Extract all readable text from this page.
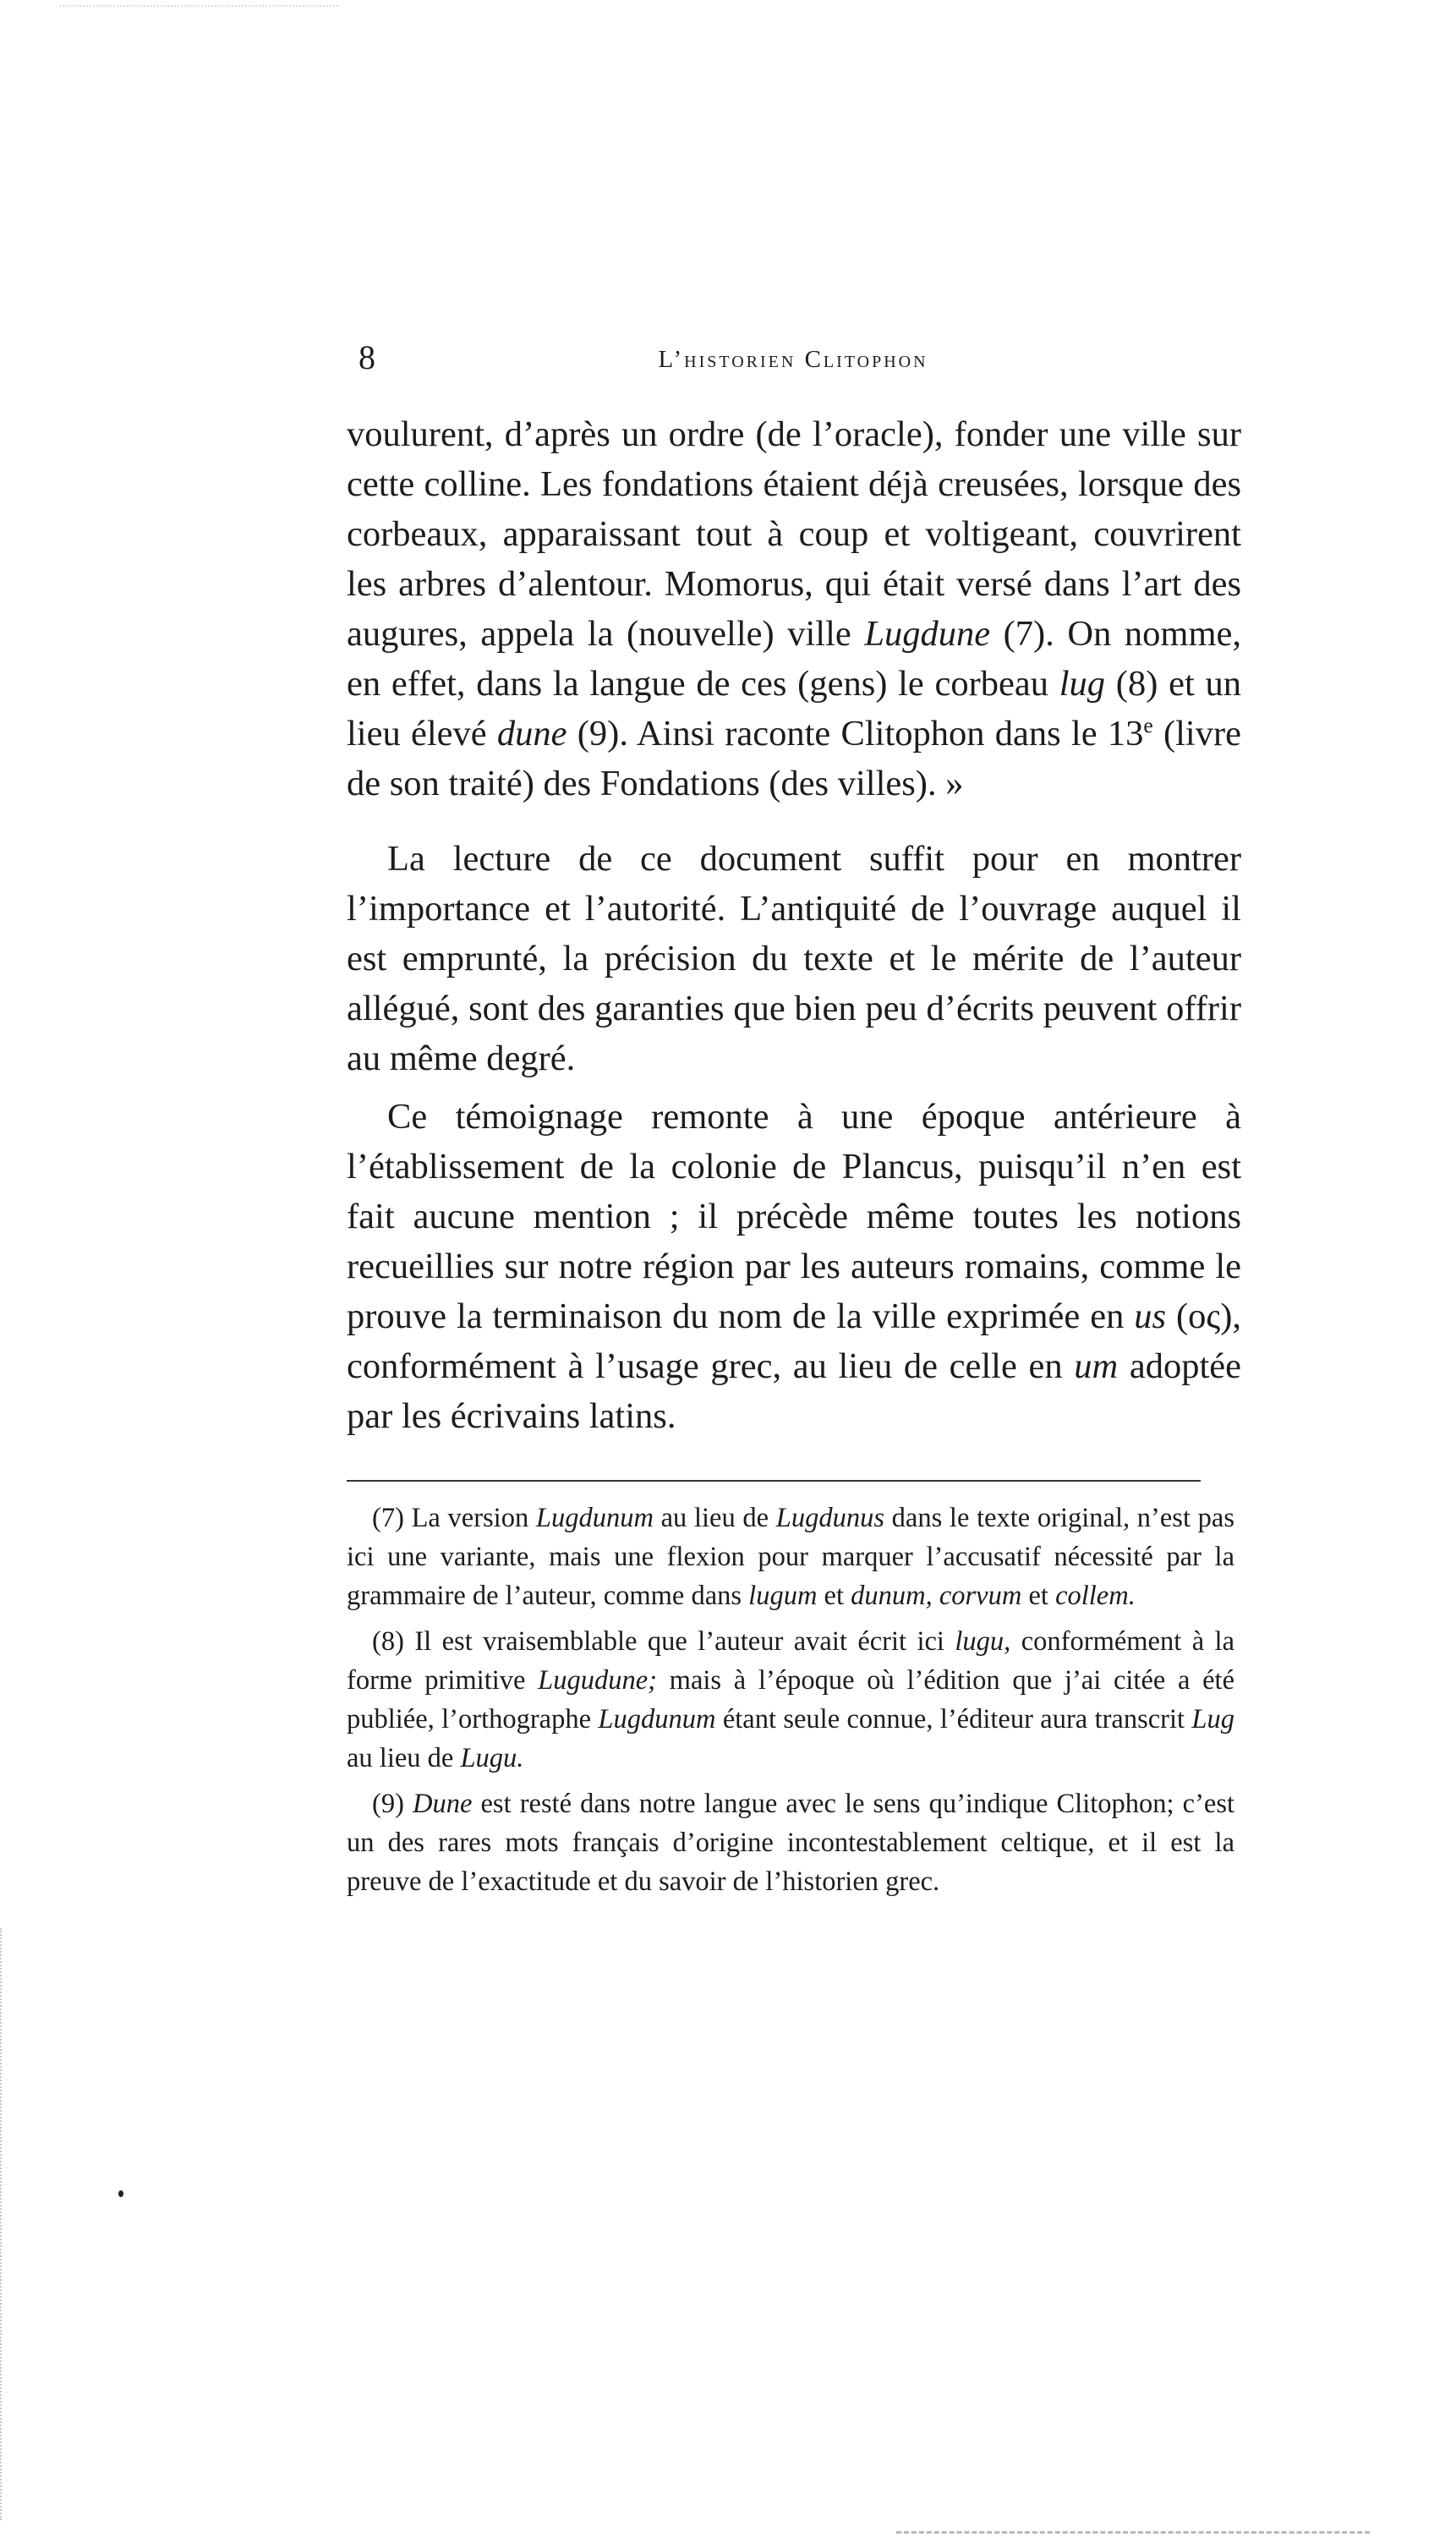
8	L’historien Clitophon

voulurent, d’après un ordre (de l’oracle), fonder une ville sur cette colline. Les fondations étaient déjà creusées, lorsque des corbeaux, apparaissant tout à coup et voltigeant, couvrirent les arbres d’alentour. Momorus, qui était versé dans l’art des augures, appela la (nouvelle) ville Lugdune (7). On nomme, en effet, dans la langue de ces (gens) le corbeau lug (8) et un lieu élevé dune (9). Ainsi raconte Clitophon dans le 13e (livre de son traité) des Fondations (des villes). »

La lecture de ce document suffit pour en montrer l’importance et l’autorité. L’antiquité de l’ouvrage auquel il est emprunté, la précision du texte et le mérite de l’auteur allégué, sont des garanties que bien peu d’écrits peuvent offrir au même degré.

Ce témoignage remonte à une époque antérieure à l’établissement de la colonie de Plancus, puisqu’il n’en est fait aucune mention ; il précède même toutes les notions recueillies sur notre région par les auteurs romains, comme le prouve la terminaison du nom de la ville exprimée en us (ος), conformément à l’usage grec, au lieu de celle en um adoptée par les écrivains latins.

(7) La version Lugdunum au lieu de Lugdunus dans le texte original, n’est pas ici une variante, mais une flexion pour marquer l’accusatif nécessité par la grammaire de l’auteur, comme dans lugum et dunum, corvum et collem.

(8) Il est vraisemblable que l’auteur avait écrit ici lugu, conformément à la forme primitive Lugudune; mais à l’époque où l’édition que j’ai citée a été publiée, l’orthographe Lugdunum étant seule connue, l’éditeur aura transcrit Lug au lieu de Lugu.

(9) Dune est resté dans notre langue avec le sens qu’indique Clitophon; c’est un des rares mots français d’origine incontestablement celtique, et il est la preuve de l’exactitude et du savoir de l’historien grec.
